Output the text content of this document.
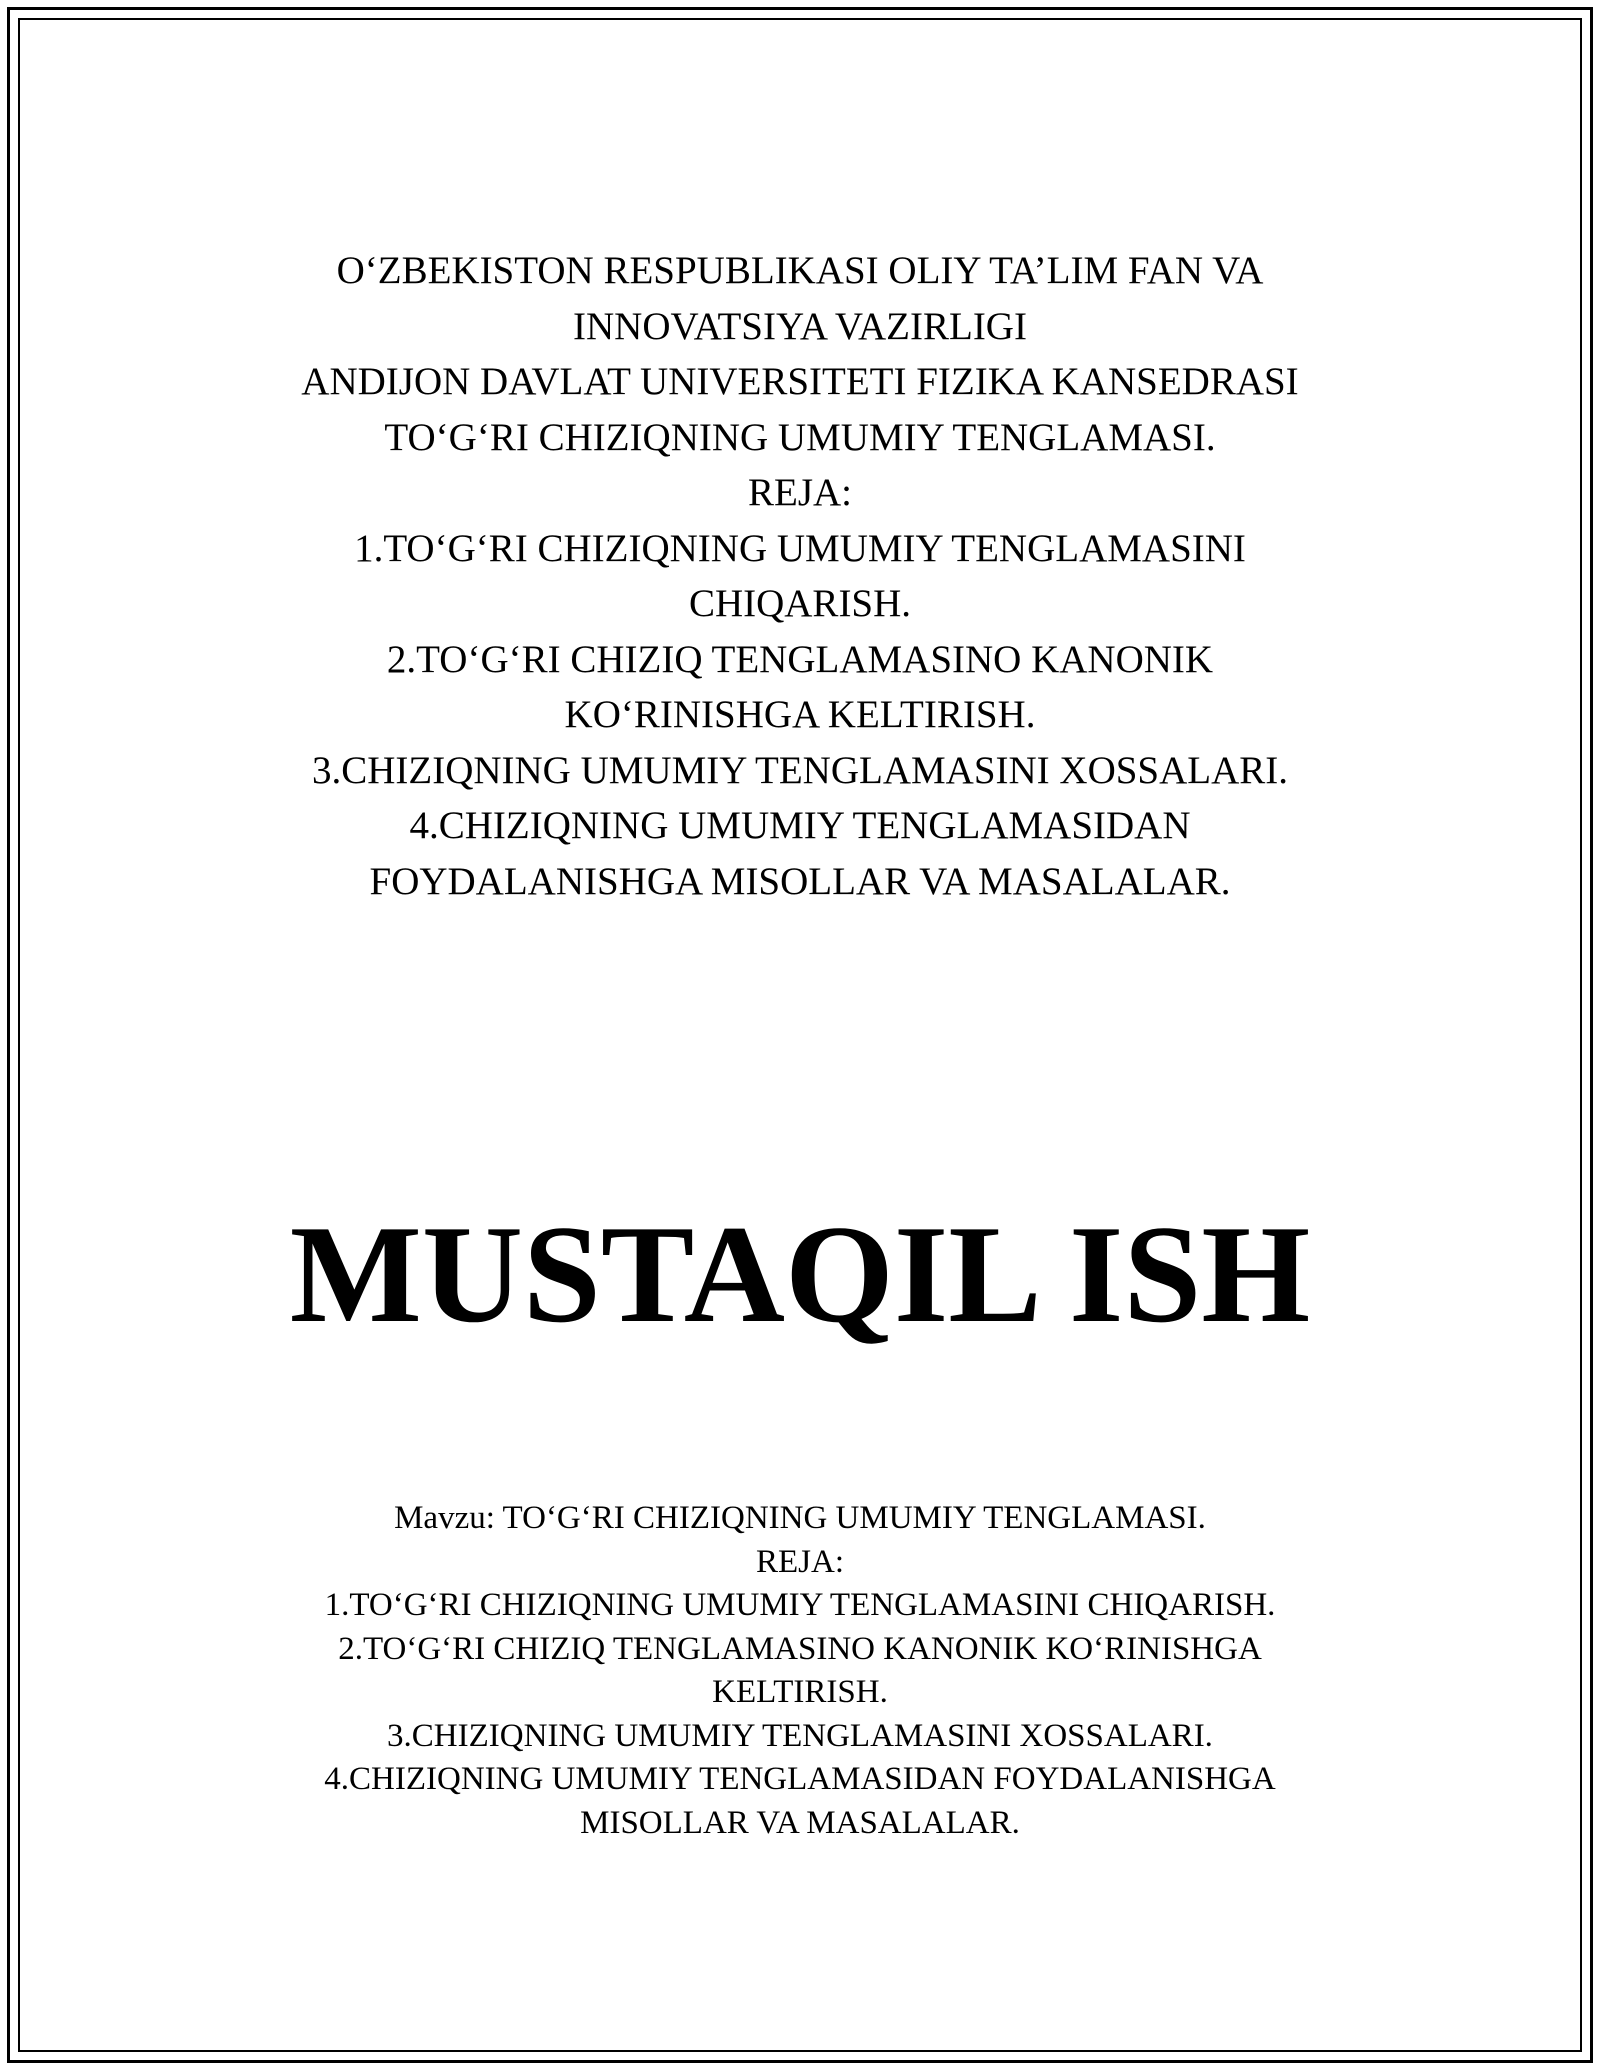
O‘ZBEKISTON RESPUBLIKASI OLIY TA’LIM FAN VA
INNOVATSIYA VAZIRLIGI
ANDIJON DAVLAT UNIVERSITETI FIZIKA KANSEDRASI
TO‘G‘RI CHIZIQNING UMUMIY TENGLAMASI.
REJA:
1.TO‘G‘RI CHIZIQNING UMUMIY TENGLAMASINI
CHIQARISH.
2.TO‘G‘RI CHIZIQ TENGLAMASINO KANONIK
KO‘RINISHGA KELTIRISH.
3.CHIZIQNING UMUMIY TENGLAMASINI XOSSALARI.
4.CHIZIQNING UMUMIY TENGLAMASIDAN
FOYDALANISHGA MISOLLAR VA MASALALAR.
MUSTAQIL ISH
Mavzu: TO‘G‘RI CHIZIQNING UMUMIY TENGLAMASI.
REJA:
1.TO‘G‘RI CHIZIQNING UMUMIY TENGLAMASINI CHIQARISH.
2.TO‘G‘RI CHIZIQ TENGLAMASINO KANONIK KO‘RINISHGA
KELTIRISH.
3.CHIZIQNING UMUMIY TENGLAMASINI XOSSALARI.
4.CHIZIQNING UMUMIY TENGLAMASIDAN FOYDALANISHGA
MISOLLAR VA MASALALAR.
